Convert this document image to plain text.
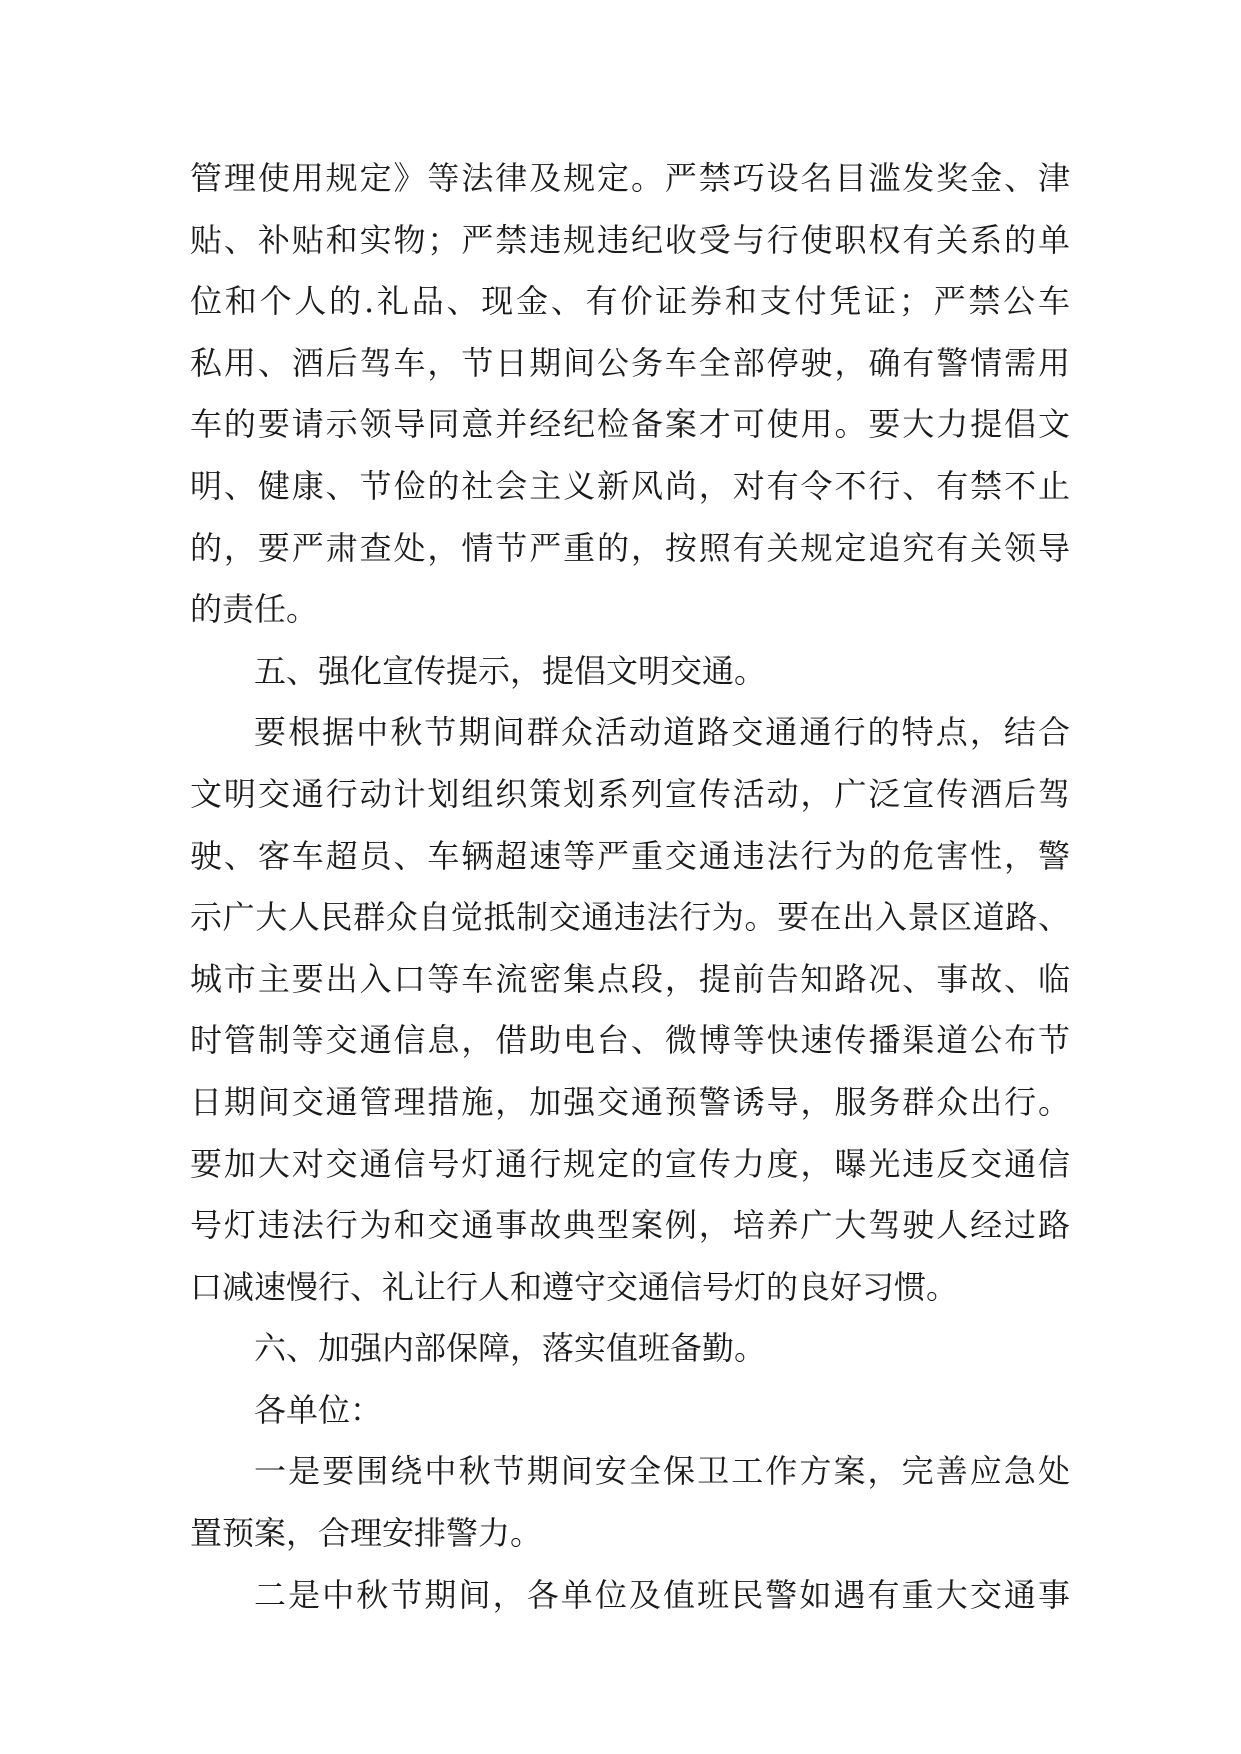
管理使用规定》等法律及规定。严禁巧设名目滥发奖金、津
贴、补贴和实物；严禁违规违纪收受与行使职权有关系的单
位和个人的.礼品、现金、有价证券和支付凭证；严禁公车
私用、酒后驾车，节日期间公务车全部停驶，确有警情需用
车的要请示领导同意并经纪检备案才可使用。要大力提倡文
明、健康、节俭的社会主义新风尚，对有令不行、有禁不止
的，要严肃查处，情节严重的，按照有关规定追究有关领导
的责任。
五、强化宣传提示，提倡文明交通。
要根据中秋节期间群众活动道路交通通行的特点，结合
文明交通行动计划组织策划系列宣传活动，广泛宣传酒后驾
驶、客车超员、车辆超速等严重交通违法行为的危害性，警
示广大人民群众自觉抵制交通违法行为。要在出入景区道路、
城市主要出入口等车流密集点段，提前告知路况、事故、临
时管制等交通信息，借助电台、微博等快速传播渠道公布节
日期间交通管理措施，加强交通预警诱导，服务群众出行。
要加大对交通信号灯通行规定的宣传力度，曝光违反交通信
号灯违法行为和交通事故典型案例，培养广大驾驶人经过路
口减速慢行、礼让行人和遵守交通信号灯的良好习惯。
六、加强内部保障，落实值班备勤。
各单位：
一是要围绕中秋节期间安全保卫工作方案，完善应急处
置预案，合理安排警力。
二是中秋节期间，各单位及值班民警如遇有重大交通事
